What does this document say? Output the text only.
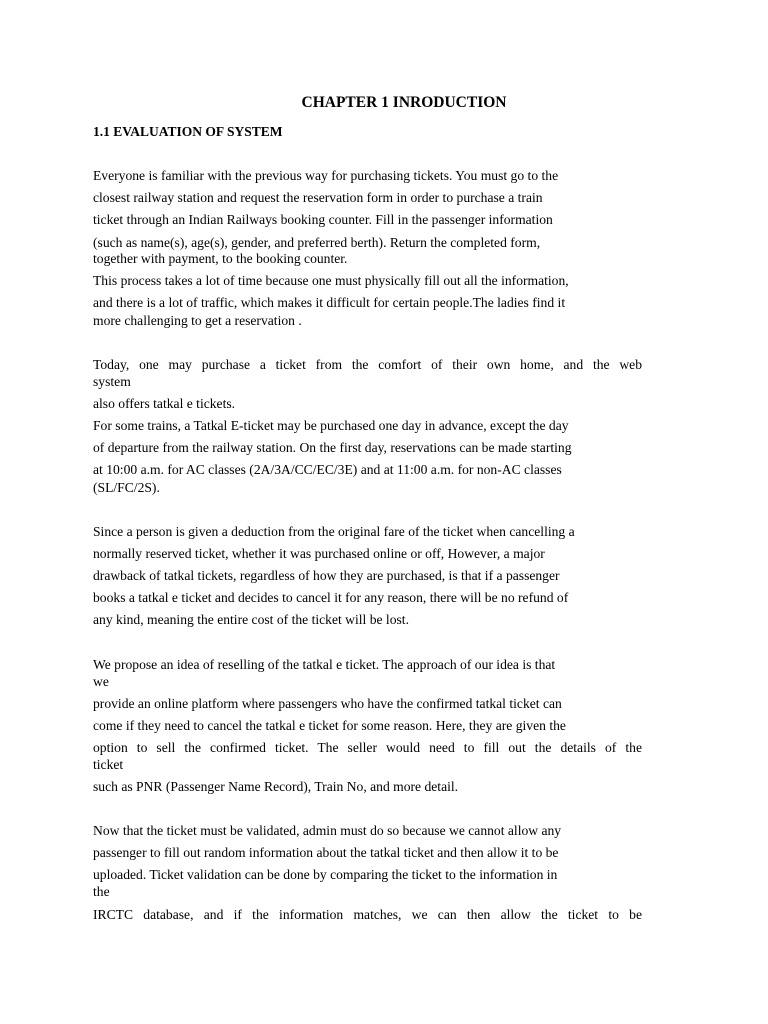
CHAPTER 1 INRODUCTION
1.1 EVALUATION OF SYSTEM

Everyone is familiar with the previous way for purchasing tickets. You must go to the

closest railway station and request the reservation form in order to purchase a train

ticket through an Indian Railways booking counter. Fill in the passenger information

(such as name(s), age(s), gender, and preferred berth). Return the completed form,

together with payment, to the booking counter.

This process takes a lot of time because one must physically fill out all the information,

and there is a lot of traffic, which makes it difficult for certain people.The ladies find it

more challenging to get a reservation .

Today, one may purchase a ticket from the comfort of their own home, and the web

system

also offers tatkal e tickets.

For some trains, a Tatkal E-ticket may be purchased one day in advance, except the day

of departure from the railway station. On the first day, reservations can be made starting

at 10:00 a.m. for AC classes (2A/3A/CC/EC/3E) and at 11:00 a.m. for non-AC classes

(SL/FC/2S).

Since a person is given a deduction from the original fare of the ticket when cancelling a

normally reserved ticket, whether it was purchased online or off, However, a major

drawback of tatkal tickets, regardless of how they are purchased, is that if a passenger

books a tatkal e ticket and decides to cancel it for any reason, there will be no refund of

any kind, meaning the entire cost of the ticket will be lost.

We propose an idea of reselling of the tatkal e ticket. The approach of our idea is that

we

provide an online platform where passengers who have the confirmed tatkal ticket can

come if they need to cancel the tatkal e ticket for some reason. Here, they are given the

option to sell the confirmed ticket. The seller would need to fill out the details of the

ticket

such as PNR (Passenger Name Record), Train No, and more detail.

Now that the ticket must be validated, admin must do so because we cannot allow any

passenger to fill out random information about the tatkal ticket and then allow it to be

uploaded. Ticket validation can be done by comparing the ticket to the information in

the

IRCTC database, and if the information matches, we can then allow the ticket to be
